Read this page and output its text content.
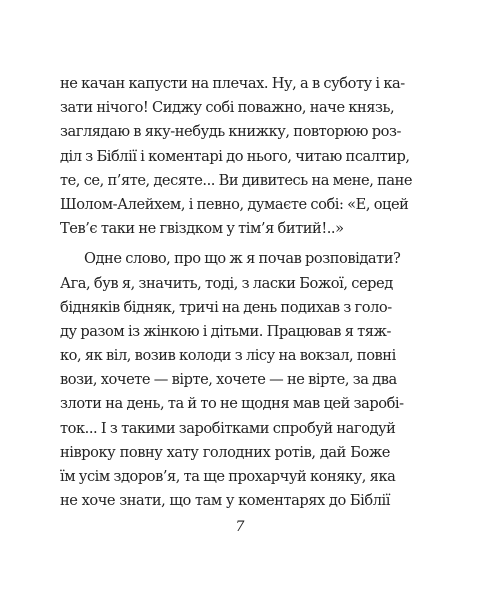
не качан капусти на плечах. Ну, а в суботу і ка-
зати нічого! Сиджу собі поважно, наче князь,
заглядаю в яку-небудь книжку, повторюю роз-
діл з Біблії і коментарі до нього, читаю псалтир,
те, се, п’яте, десяте... Ви дивитесь на мене, пане
Шолом-Алейхем, і певно, думаєте собі: «Е, оцей
Тев’є таки не гвіздком у тім’я битий!..»
Одне слово, про що ж я почав розповідати?
Ага, був я, значить, тоді, з ласки Божої, серед
бідняків бідняк, тричі на день подихав з голо-
ду разом із жінкою і дітьми. Працював я тяж-
ко, як віл, возив колоди з лісу на вокзал, повні
вози, хочете — вірте, хочете — не вірте, за два
злоти на день, та й то не щодня мав цей заробі-
ток... І з такими заробітками спробуй нагодуй
нівроку повну хату голодних ротів, дай Боже
їм усім здоров’я, та ще прохарчуй коняку, яка
не хоче знати, що там у коментарях до Біблії
7
